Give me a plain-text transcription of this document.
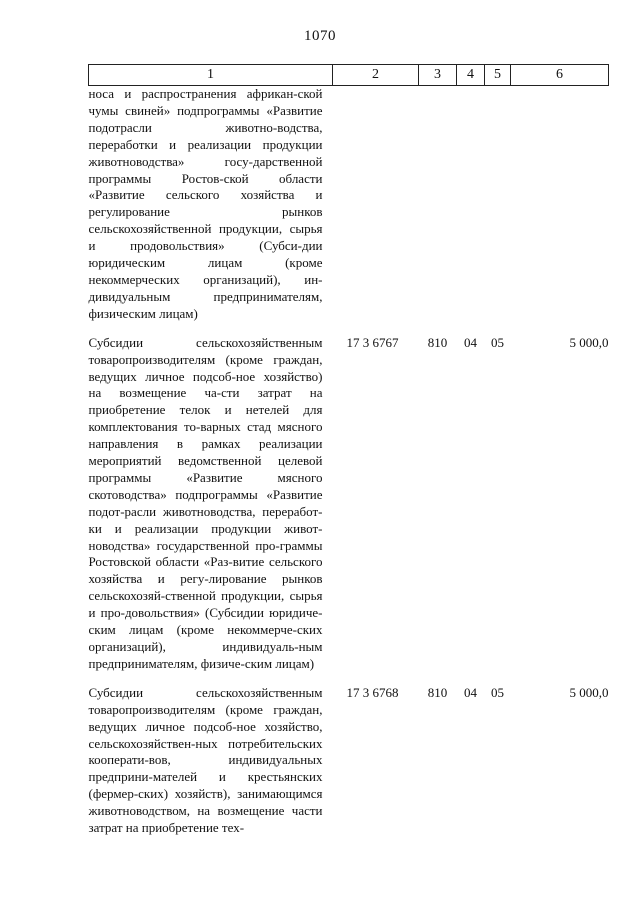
1070
1	2	3	4	5	6
носа и распространения африкан-ской чумы свиней» подпрограммы «Развитие подотрасли животно-водства, переработки и реализации продукции животноводства» госу-дарственной программы Ростов-ской области «Развитие сельского хозяйства и регулирование рынков сельскохозяйственной продукции, сырья и продовольствия» (Субси-дии юридическим лицам (кроме некоммерческих организаций), ин-дивидуальным предпринимателям, физическим лицам)					

Субсидии сельскохозяйственным товаропроизводителям (кроме граждан, ведущих личное подсоб-ное хозяйство) на возмещение ча-сти затрат на приобретение телок и нетелей для комплектования то-варных стад мясного направления в рамках реализации мероприятий ведомственной целевой программы «Развитие мясного скотоводства» подпрограммы «Развитие подот-расли животноводства, переработ-ки и реализации продукции живот-новодства» государственной про-граммы Ростовской области «Раз-витие сельского хозяйства и регу-лирование рынков сельскохозяй-ственной продукции, сырья и про-довольствия» (Субсидии юридиче-ским лицам (кроме некоммерче-ских организаций), индивидуаль-ным предпринимателям, физиче-ским лицам)	17 3 6767	810	04	05	5 000,0

Субсидии сельскохозяйственным товаропроизводителям (кроме граждан, ведущих личное подсоб-ное хозяйство, сельскохозяйствен-ных потребительских кооперати-вов, индивидуальных предприни-мателей и крестьянских (фермер-ских) хозяйств), занимающимся животноводством, на возмещение части затрат на приобретение тех-	17 3 6768	810	04	05	5 000,0
